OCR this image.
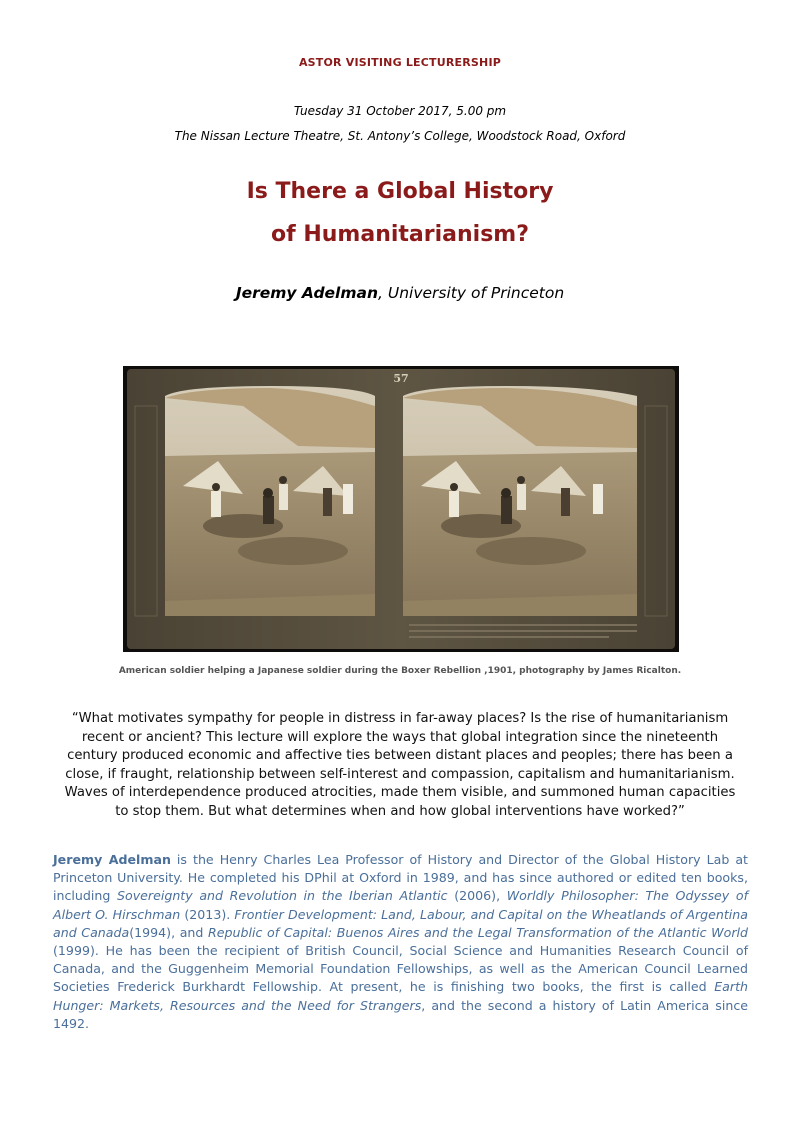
ASTOR VISITING LECTURERSHIP
Tuesday 31 October 2017, 5.00 pm
The Nissan Lecture Theatre, St. Antony’s College, Woodstock Road, Oxford
Is There a Global History
of Humanitarianism?
Jeremy Adelman, University of Princeton
57
American soldier helping a Japanese soldier during the Boxer Rebellion ,1901, photography by James Ricalton.
“What motivates sympathy for people in distress in far-away places? Is the rise of humanitarianism recent or ancient? This lecture will explore the ways that global integration since the nineteenth century produced economic and affective ties between distant places and peoples; there has been a close, if fraught, relationship between self-interest and compassion, capitalism and humanitarianism. Waves of interdependence produced atrocities, made them visible, and summoned human capacities to stop them. But what determines when and how global interventions have worked?”
Jeremy Adelman is the Henry Charles Lea Professor of History and Director of the Global History Lab at Princeton University. He completed his DPhil at Oxford in 1989, and has since authored or edited ten books, including Sovereignty and Revolution in the Iberian Atlantic (2006), Worldly Philosopher: The Odyssey of Albert O. Hirschman (2013). Frontier Development: Land, Labour, and Capital on the Wheatlands of Argentina and Canada(1994), and Republic of Capital: Buenos Aires and the Legal Transformation of the Atlantic World (1999). He has been the recipient of British Council, Social Science and Humanities Research Council of Canada, and the Guggenheim Memorial Foundation Fellowships, as well as the American Council Learned Societies Frederick Burkhardt Fellowship. At present, he is finishing two books, the first is called Earth Hunger: Markets, Resources and the Need for Strangers, and the second a history of Latin America since 1492.
